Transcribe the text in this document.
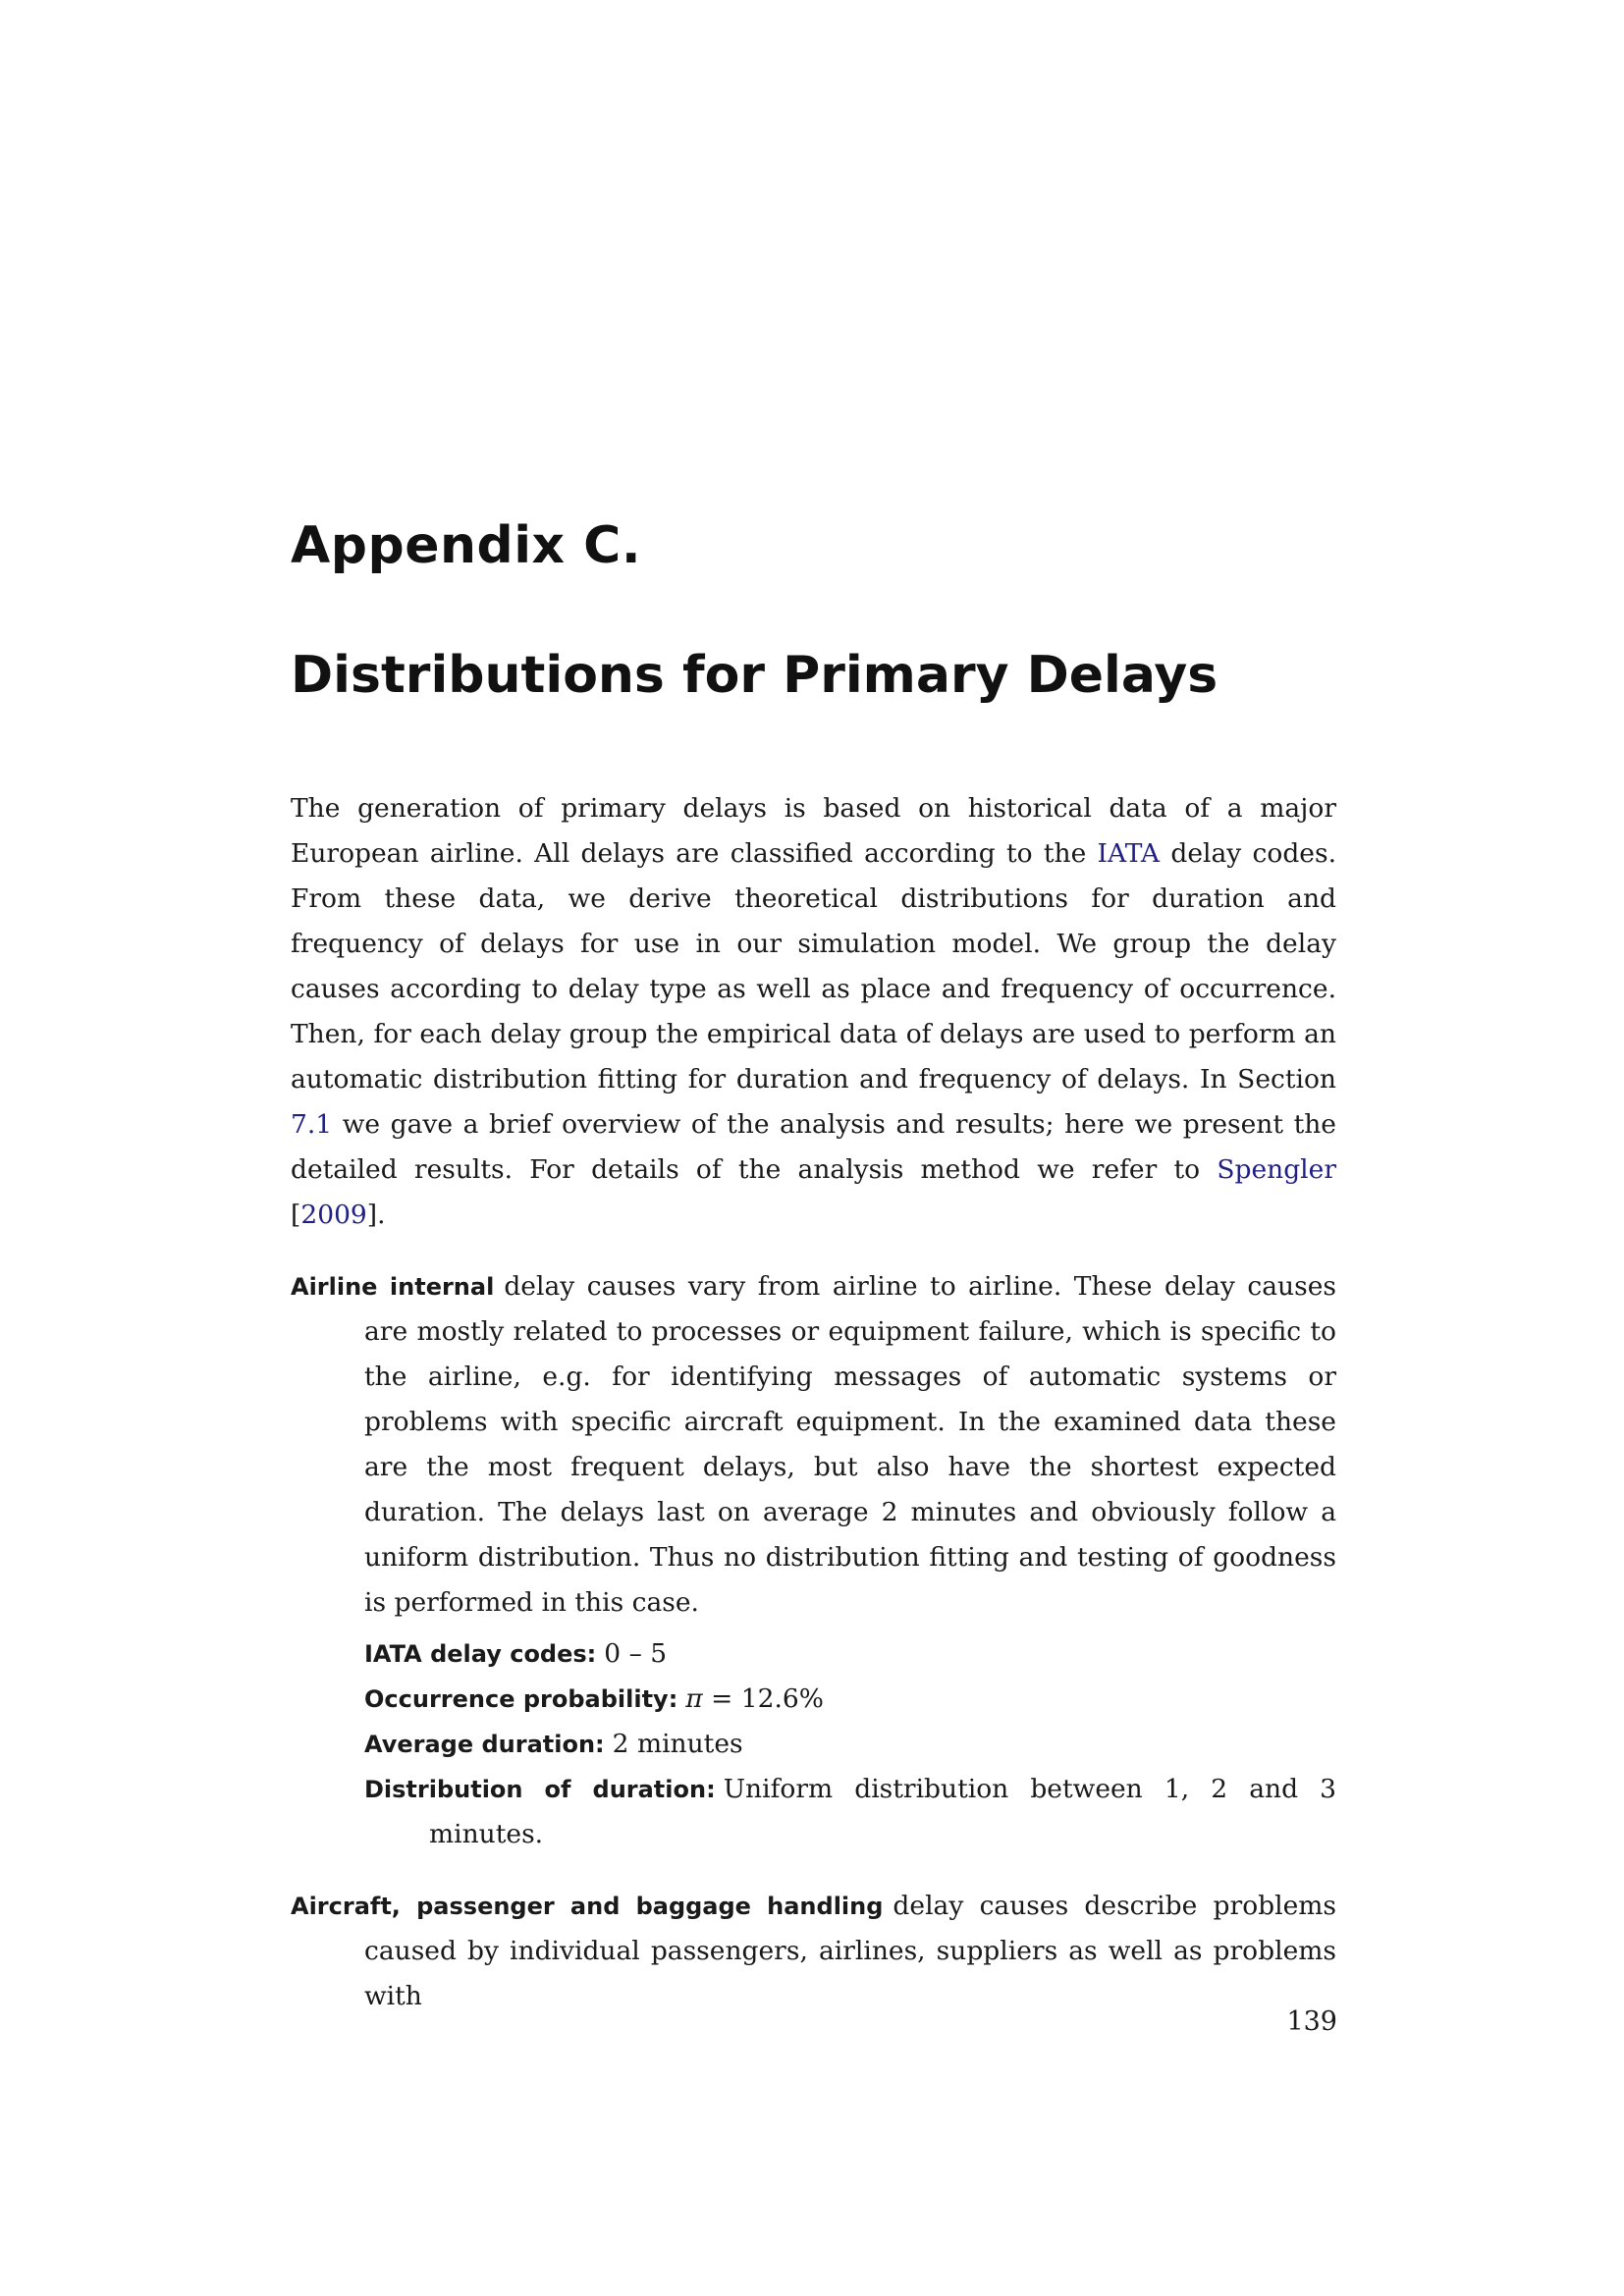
Appendix C.
Distributions for Primary Delays

The generation of primary delays is based on historical data of a major European airline. All delays are classified according to the IATA delay codes. From these data, we derive theoretical distributions for duration and frequency of delays for use in our simulation model. We group the delay causes according to delay type as well as place and frequency of occurrence. Then, for each delay group the empirical data of delays are used to perform an automatic distribution fitting for duration and frequency of delays. In Section 7.1 we gave a brief overview of the analysis and results; here we present the detailed results. For details of the analysis method we refer to Spengler [2009].

Airline internal delay causes vary from airline to airline. These delay causes are mostly related to processes or equipment failure, which is specific to the airline, e.g. for identifying messages of automatic systems or problems with specific aircraft equipment. In the examined data these are the most frequent delays, but also have the shortest expected duration. The delays last on average 2 minutes and obviously follow a uniform distribution. Thus no distribution fitting and testing of goodness is performed in this case.
IATA delay codes: 0 – 5
Occurrence probability: π = 12.6%
Average duration: 2 minutes
Distribution of duration: Uniform distribution between 1, 2 and 3 minutes.
Aircraft, passenger and baggage handling delay causes describe problems caused by individual passengers, airlines, suppliers as well as problems with
139
